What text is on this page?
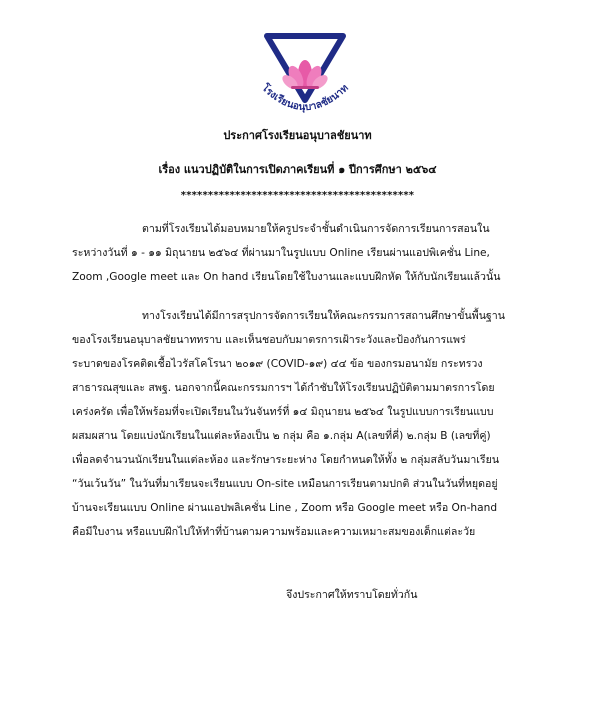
โรงเรียนอนุบาลชัยนาท
ประกาศโรงเรียนอนุบาลชัยนาท
เรื่อง แนวปฏิบัติในการเปิดภาคเรียนที่ ๑ ปีการศึกษา ๒๕๖๔
*******************************************
ตามที่โรงเรียนได้มอบหมายให้ครูประจำชั้นดำเนินการจัดการเรียนการสอนใน
ระหว่างวันที่ ๑ - ๑๑ มิถุนายน ๒๕๖๔ ที่ผ่านมาในรูปแบบ Online เรียนผ่านแอปพิเคชั่น Line,
Zoom ,Google meet และ On hand เรียนโดยใช้ใบงานและแบบฝึกหัด ให้กับนักเรียนแล้วนั้น
ทางโรงเรียนได้มีการสรุปการจัดการเรียนให้คณะกรรมการสถานศึกษาขั้นพื้นฐาน
ของโรงเรียนอนุบาลชัยนาททราบ และเห็นชอบกับมาตรการเฝ้าระวังและป้องกันการแพร่
ระบาดของโรคติดเชื้อไวรัสโคโรนา ๒๐๑๙ (COVID-๑๙) ๔๔ ข้อ ของกรมอนามัย กระทรวง
สาธารณสุขและ สพฐ. นอกจากนี้คณะกรรมการฯ ได้กำชับให้โรงเรียนปฏิบัติตามมาตรการโดย
เคร่งครัด เพื่อให้พร้อมที่จะเปิดเรียนในวันจันทร์ที่ ๑๔ มิถุนายน ๒๕๖๔ ในรูปแบบการเรียนแบบ
ผสมผสาน โดยแบ่งนักเรียนในแต่ละห้องเป็น ๒ กลุ่ม คือ ๑.กลุ่ม A(เลขที่คี่) ๒.กลุ่ม B (เลขที่คู่)
เพื่อลดจำนวนนักเรียนในแต่ละห้อง และรักษาระยะห่าง โดยกำหนดให้ทั้ง ๒ กลุ่มสลับวันมาเรียน
“วันเว้นวัน” ในวันที่มาเรียนจะเรียนแบบ On-site เหมือนการเรียนตามปกติ ส่วนในวันที่หยุดอยู่
บ้านจะเรียนแบบ Online ผ่านแอปพลิเคชั่น Line , Zoom หรือ Google meet หรือ On-hand
คือมีใบงาน หรือแบบฝึกไปให้ทำที่บ้านตามความพร้อมและความเหมาะสมของเด็กแต่ละวัย
จึงประกาศให้ทราบโดยทั่วกัน
